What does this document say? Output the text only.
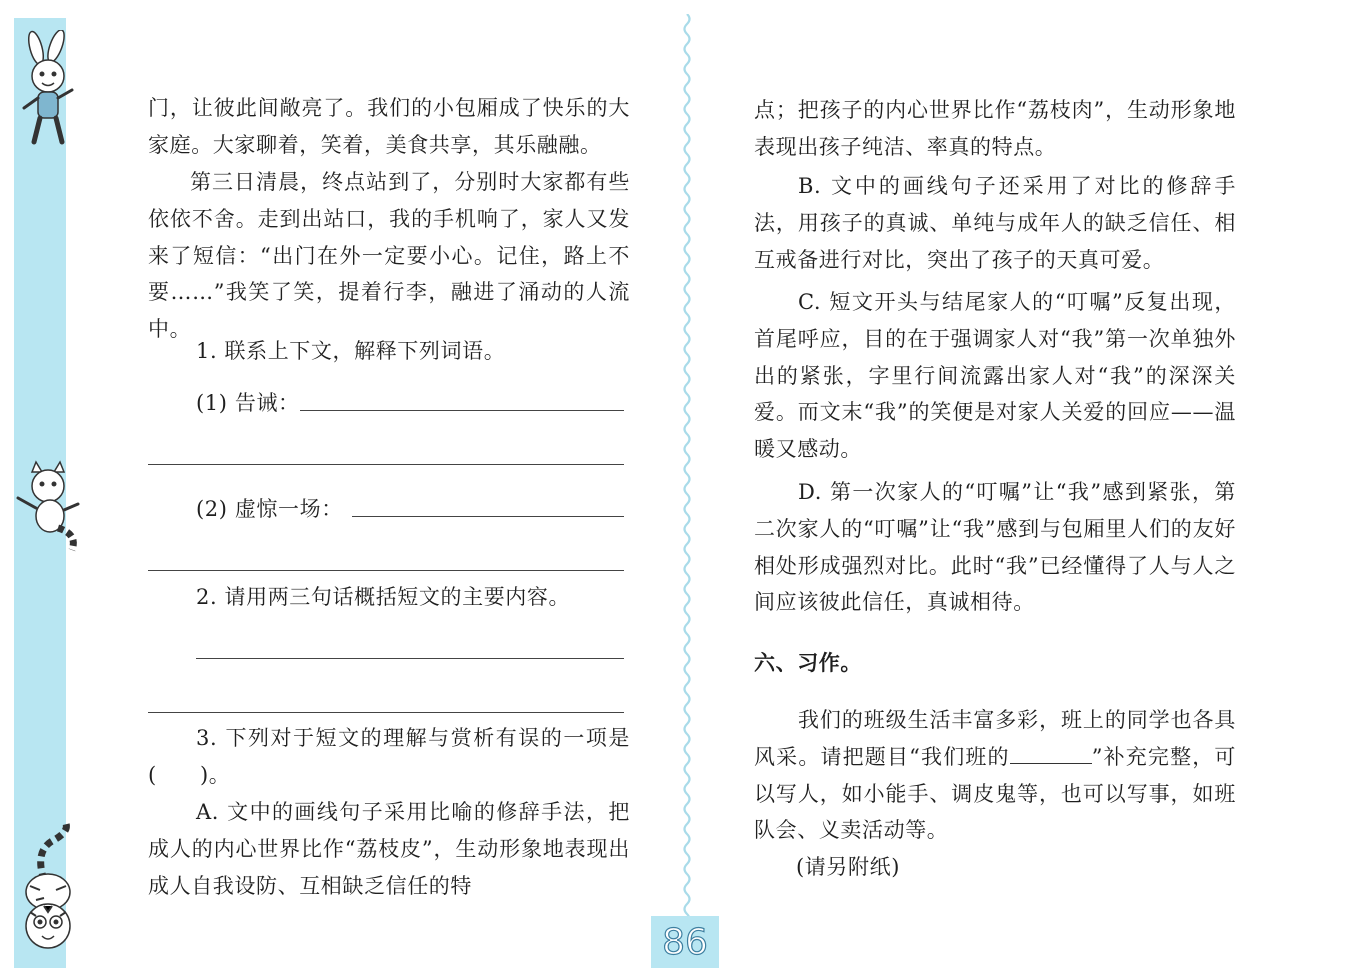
门，让彼此间敞亮了。我们的小包厢成了快乐的大家庭。大家聊着，笑着，美食共享，其乐融融。

第三日清晨，终点站到了，分别时大家都有些依依不舍。走到出站口，我的手机响了，家人又发来了短信：“出门在外一定要小心。记住，路上不要……”我笑了笑，提着行李，融进了涌动的人流中。

1. 联系上下文，解释下列词语。
(1) 告诫：
(2) 虚惊一场：
2. 请用两三句话概括短文的主要内容。

3. 下列对于短文的理解与赏析有误的一项是(　　)。

A. 文中的画线句子采用比喻的修辞手法，把成人的内心世界比作“荔枝皮”，生动形象地表现出成人自我设防、互相缺乏信任的特

点；把孩子的内心世界比作“荔枝肉”，生动形象地表现出孩子纯洁、率真的特点。

B. 文中的画线句子还采用了对比的修辞手法，用孩子的真诚、单纯与成年人的缺乏信任、相互戒备进行对比，突出了孩子的天真可爱。

C. 短文开头与结尾家人的“叮嘱”反复出现，首尾呼应，目的在于强调家人对“我”第一次单独外出的紧张，字里行间流露出家人对“我”的深深关爱。而文末“我”的笑便是对家人关爱的回应——温暖又感动。

D. 第一次家人的“叮嘱”让“我”感到紧张，第二次家人的“叮嘱”让“我”感到与包厢里人们的友好相处形成强烈对比。此时“我”已经懂得了人与人之间应该彼此信任，真诚相待。

六、习作。

我们的班级生活丰富多彩，班上的同学也各具风采。请把题目“我们班的	”补充完整，可以写人，如小能手、调皮鬼等，也可以写事，如班队会、义卖活动等。

(请另附纸)
86
